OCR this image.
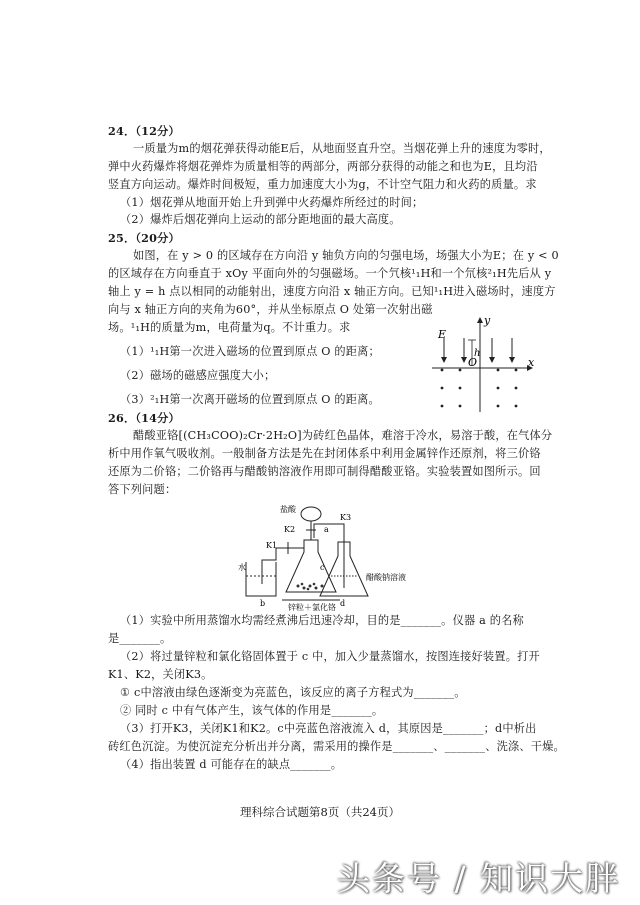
24．（12分）
一质量为m的烟花弹获得动能E后，从地面竖直升空。当烟花弹上升的速度为零时，
弹中火药爆炸将烟花弹炸为质量相等的两部分，两部分获得的动能之和也为E，且均沿
竖直方向运动。爆炸时间极短，重力加速度大小为g，不计空气阻力和火药的质量。求
（1）烟花弹从地面开始上升到弹中火药爆炸所经过的时间；
（2）爆炸后烟花弹向上运动的部分距地面的最大高度。
25．（20分）
如图，在 y > 0 的区域存在方向沿 y 轴负方向的匀强电场，场强大小为E；在 y < 0
的区域存在方向垂直于 xOy 平面向外的匀强磁场。一个氕核¹₁H和一个氘核²₁H先后从 y
轴上 y = h 点以相同的动能射出，速度方向沿 x 轴正方向。已知¹₁H进入磁场时，速度方
向与 x 轴正方向的夹角为60°，并从坐标原点 O 处第一次射出磁
场。¹₁H的质量为m，电荷量为q。不计重力。求
（1）¹₁H第一次进入磁场的位置到原点 O 的距离；
（2）磁场的磁感应强度大小；
（3）²₁H第一次离开磁场的位置到原点 O 的距离。
E
h
O	x
y
26．（14分）
醋酸亚铬[(CH₃COO)₂Cr·2H₂O]为砖红色晶体，难溶于冷水，易溶于酸，在气体分
析中用作氧气吸收剂。一般制备方法是先在封闭体系中利用金属锌作还原剂，将三价铬
还原为二价铬；二价铬再与醋酸钠溶液作用即可制得醋酸亚铬。实验装置如图所示。回
答下列问题：
盐酸
K3
K2	a
K1
水
b
c
d
醋酸钠溶液
锌粒＋氯化铬
（1）实验中所用蒸馏水均需经煮沸后迅速冷却，目的是_______。仪器 a 的名称
是_______。
（2）将过量锌粒和氯化铬固体置于 c 中，加入少量蒸馏水，按图连接好装置。打开
K1、K2，关闭K3。
① c中溶液由绿色逐渐变为亮蓝色，该反应的离子方程式为_______。
② 同时 c 中有气体产生，该气体的作用是_______。
（3）打开K3，关闭K1和K2。c中亮蓝色溶液流入 d，其原因是_______；d中析出
砖红色沉淀。为使沉淀充分析出并分离，需采用的操作是_______、_______、洗涤、干燥。
（4）指出装置 d 可能存在的缺点_______。
理科综合试题第8页（共24页）
头条号 / 知识大胖
